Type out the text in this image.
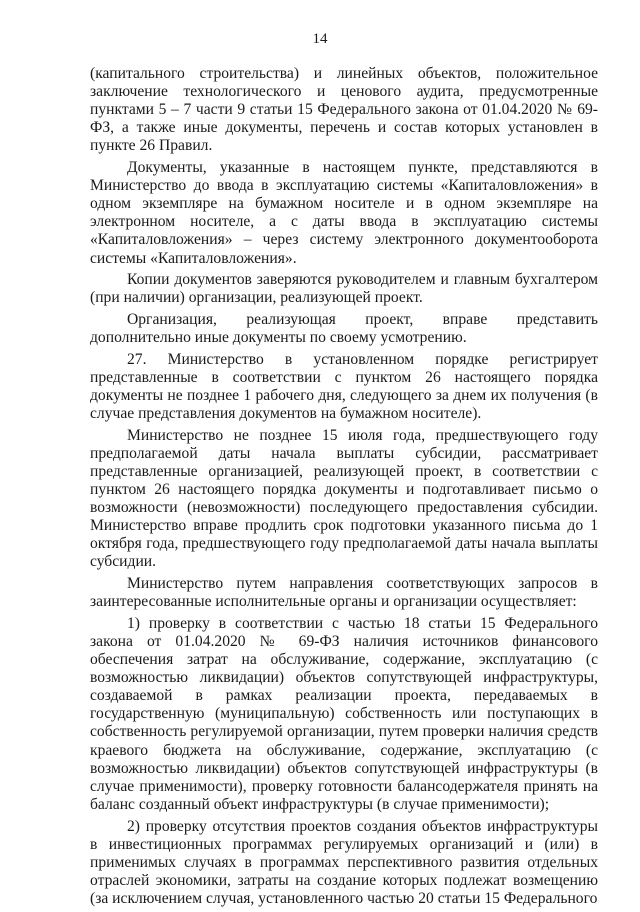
14

(капитального строительства) и линейных объектов, положительное заключение технологического и ценового аудита, предусмотренные пунктами 5 – 7 части 9 статьи 15 Федерального закона от 01.04.2020 № 69-ФЗ, а также иные документы, перечень и состав которых установлен в пункте 26 Правил.

Документы, указанные в настоящем пункте, представляются в Министерство до ввода в эксплуатацию системы «Капиталовложения» в одном экземпляре на бумажном носителе и в одном экземпляре на электронном носителе, а с даты ввода в эксплуатацию системы «Капиталовложения» – через систему электронного документооборота системы «Капиталовложения».

Копии документов заверяются руководителем и главным бухгалтером (при наличии) организации, реализующей проект.

Организация, реализующая проект, вправе представить дополнительно иные документы по своему усмотрению.

27. Министерство в установленном порядке регистрирует представленные в соответствии с пунктом 26 настоящего порядка документы не позднее 1 рабочего дня, следующего за днем их получения (в случае представления документов на бумажном носителе).

Министерство не позднее 15 июля года, предшествующего году предполагаемой даты начала выплаты субсидии, рассматривает представленные организацией, реализующей проект, в соответствии с пунктом 26 настоящего порядка документы и подготавливает письмо о возможности (невозможности) последующего предоставления субсидии. Министерство вправе продлить срок подготовки указанного письма до 1 октября года, предшествующего году предполагаемой даты начала выплаты субсидии.

Министерство путем направления соответствующих запросов в заинтересованные исполнительные органы и организации осуществляет:

1) проверку в соответствии с частью 18 статьи 15 Федерального закона от 01.04.2020 № 69-ФЗ наличия источников финансового обеспечения затрат на обслуживание, содержание, эксплуатацию (с возможностью ликвидации) объектов сопутствующей инфраструктуры, создаваемой в рамках реализации проекта, передаваемых в государственную (муниципальную) собственность или поступающих в собственность регулируемой организации, путем проверки наличия средств краевого бюджета на обслуживание, содержание, эксплуатацию (с возможностью ликвидации) объектов сопутствующей инфраструктуры (в случае применимости), проверку готовности балансодержателя принять на баланс созданный объект инфраструктуры (в случае применимости);

2) проверку отсутствия проектов создания объектов инфраструктуры в инвестиционных программах регулируемых организаций и (или) в применимых случаях в программах перспективного развития отдельных отраслей экономики, затраты на создание которых подлежат возмещению (за исключением случая, установленного частью 20 статьи 15 Федерального
